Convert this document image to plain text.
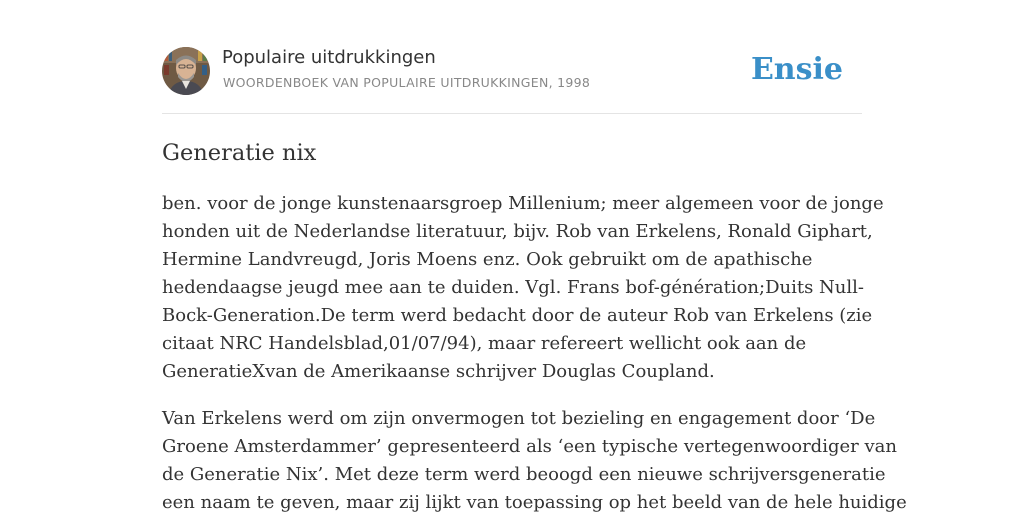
Populaire uitdrukkingen
WOORDENBOEK VAN POPULAIRE UITDRUKKINGEN, 1998	Ensie
Generatie nix

ben. voor de jonge kunstenaarsgroep Millenium; meer algemeen voor de jonge
honden uit de Nederlandse literatuur, bijv. Rob van Erkelens, Ronald Giphart,
Hermine Landvreugd, Joris Moens enz. Ook gebruikt om de apathische
hedendaagse jeugd mee aan te duiden. Vgl. Frans bof-génération;Duits Null-
Bock-Generation.De term werd bedacht door de auteur Rob van Erkelens (zie
citaat NRC Handelsblad,01/07/94), maar refereert wellicht ook aan de
GeneratieXvan de Amerikaanse schrijver Douglas Coupland.

Van Erkelens werd om zijn onvermogen tot bezieling en engagement door ‘De
Groene Amsterdammer’ gepresenteerd als ‘een typische vertegenwoordiger van
de Generatie Nix’. Met deze term werd beoogd een nieuwe schrijversgeneratie
een naam te geven, maar zij lijkt van toepassing op het beeld van de hele huidige
